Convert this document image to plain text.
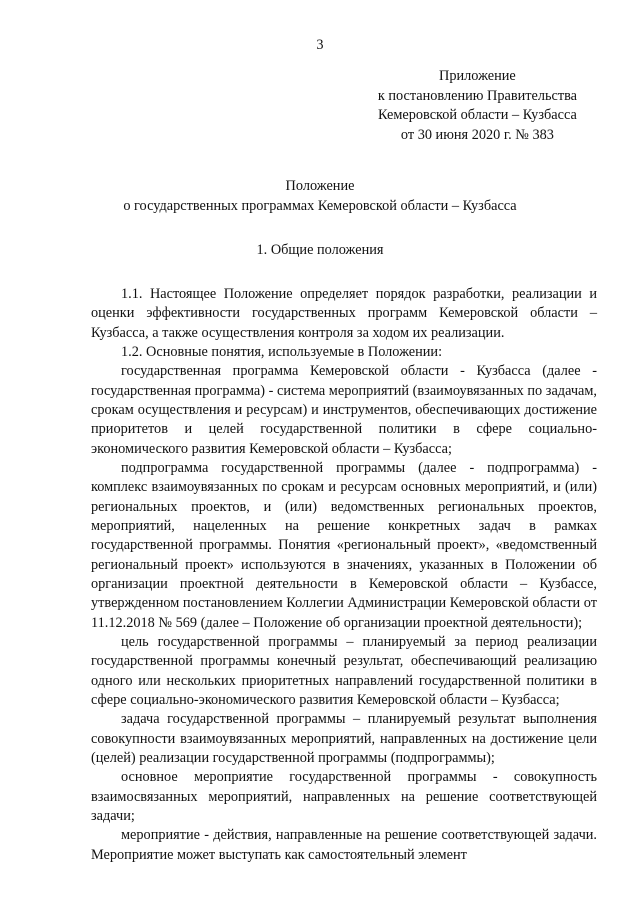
3
Приложение
к постановлению Правительства
Кемеровской области – Кузбасса
от 30 июня 2020 г. № 383
Положение
о государственных программах Кемеровской области – Кузбасса
1. Общие положения

1.1. Настоящее Положение определяет порядок разработки, реализации и оценки эффективности государственных программ Кемеровской области – Кузбасса, а также осуществления контроля за ходом их реализации.

1.2. Основные понятия, используемые в Положении:

государственная программа Кемеровской области - Кузбасса (далее - государственная программа) - система мероприятий (взаимоувязанных по задачам, срокам осуществления и ресурсам) и инструментов, обеспечивающих достижение приоритетов и целей государственной политики в сфере социально-экономического развития Кемеровской области – Кузбасса;

подпрограмма государственной программы (далее - подпрограмма) - комплекс взаимоувязанных по срокам и ресурсам основных мероприятий, и (или) региональных проектов, и (или) ведомственных региональных проектов, мероприятий, нацеленных на решение конкретных задач в рамках государственной программы. Понятия «региональный проект», «ведомственный региональный проект» используются в значениях, указанных в Положении об организации проектной деятельности в Кемеровской области – Кузбассе, утвержденном постановлением Коллегии Администрации Кемеровской области от 11.12.2018 № 569 (далее – Положение об организации проектной деятельности);

цель государственной программы – планируемый за период реализации государственной программы конечный результат, обеспечивающий реализацию одного или нескольких приоритетных направлений государственной политики в сфере социально-экономического развития Кемеровской области – Кузбасса;

задача государственной программы – планируемый результат выполнения совокупности взаимоувязанных мероприятий, направленных на достижение цели (целей) реализации государственной программы (подпрограммы);

основное мероприятие государственной программы - совокупность взаимосвязанных мероприятий, направленных на решение соответствующей задачи;

мероприятие - действия, направленные на решение соответствующей задачи. Мероприятие может выступать как самостоятельный элемент
